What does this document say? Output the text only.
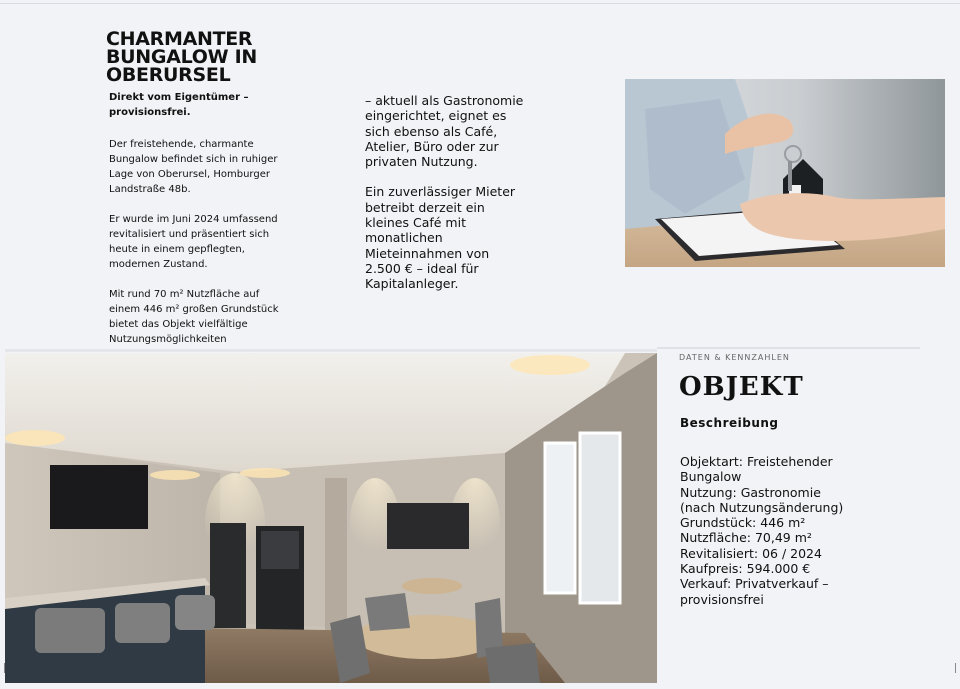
CHARMANTER BUNGALOW IN OBERURSEL
Direkt vom Eigentümer – provisionsfrei.

Der freistehende, charmante Bungalow befindet sich in ruhiger Lage von Oberursel, Homburger Landstraße 48b.

Er wurde im Juni 2024 umfassend revitalisiert und präsentiert sich heute in einem gepflegten, modernen Zustand.

Mit rund 70 m² Nutzfläche auf einem 446 m² großen Grundstück bietet das Objekt vielfältige Nutzungsmöglichkeiten

– aktuell als Gastronomie eingerichtet, eignet es sich ebenso als Café, Atelier, Büro oder zur privaten Nutzung.

Ein zuverlässiger Mieter betreibt derzeit ein kleines Café mit monatlichen Mieteinnahmen von 2.500 € – ideal für Kapitalanleger.

DATEN & KENNZAHLEN
OBJEKT
Beschreibung
Objektart: Freistehender Bungalow
Nutzung: Gastronomie (nach Nutzungsänderung)
Grundstück: 446 m²
Nutzfläche: 70,49 m²
Revitalisiert: 06 / 2024
Kaufpreis: 594.000 €
Verkauf: Privatverkauf – provisionsfrei
